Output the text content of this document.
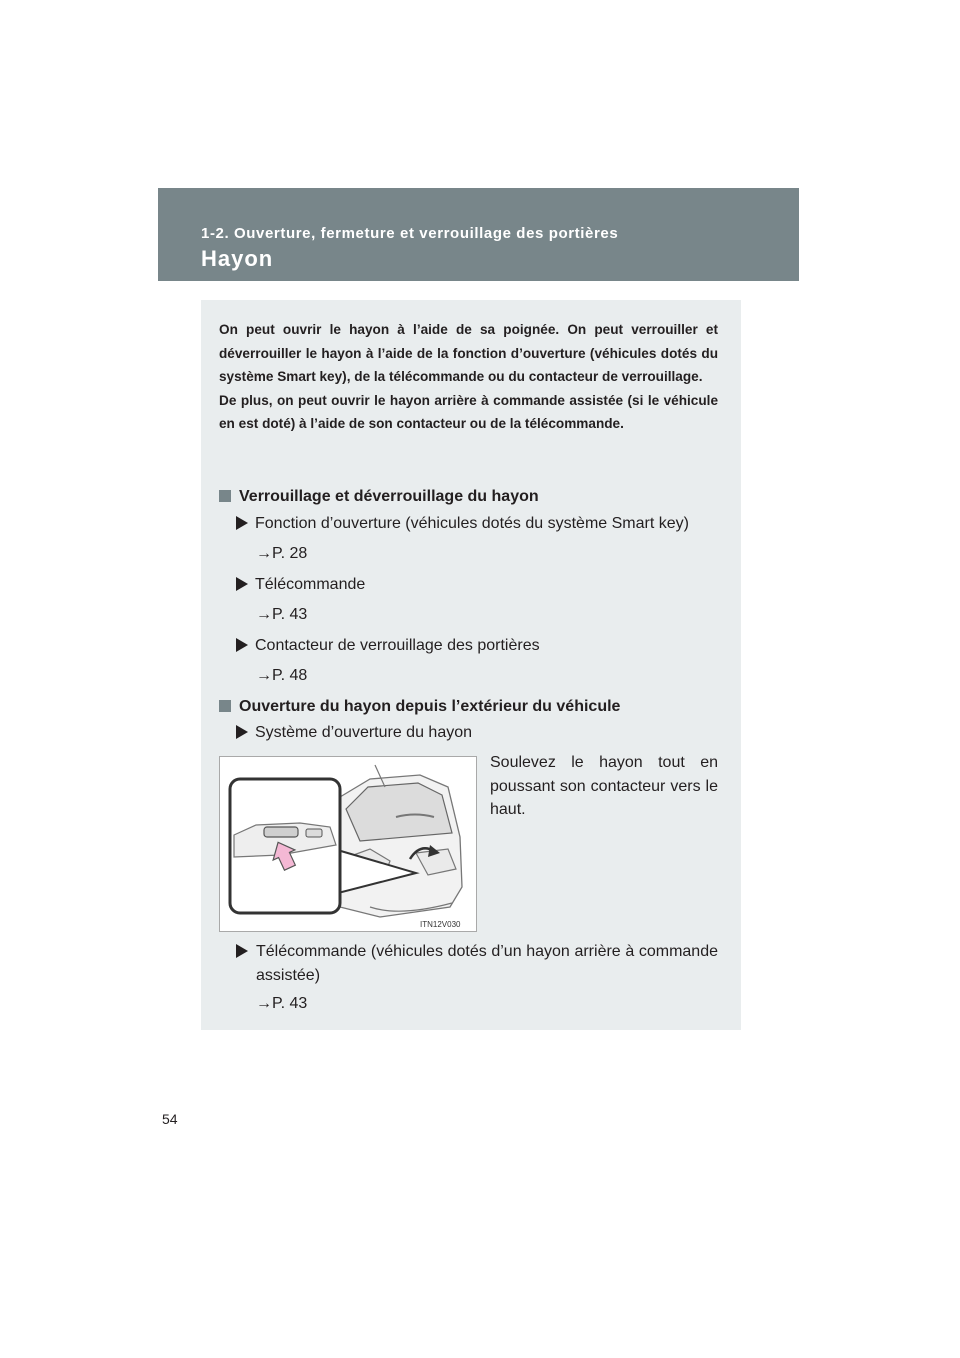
1-2. Ouverture, fermeture et verrouillage des portières
Hayon

On peut ouvrir le hayon à l’aide de sa poignée. On peut verrouiller et déverrouiller le hayon à l’aide de la fonction d’ouverture (véhicules dotés du système Smart key), de la télécommande ou du contacteur de verrouillage.

De plus, on peut ouvrir le hayon arrière à commande assistée (si le véhicule en est doté) à l’aide de son contacteur ou de la télécommande.

Verrouillage et déverrouillage du hayon
Fonction d’ouverture (véhicules dotés du système Smart key)
→P. 28
Télécommande
→P. 43
Contacteur de verrouillage des portières
→P. 48
Ouverture du hayon depuis l’extérieur du véhicule
Système d’ouverture du hayon
Soulevez le hayon tout en poussant son contacteur vers le haut.
ITN12V030
Télécommande (véhicules dotés d’un hayon arrière à commande assistée)
→P. 43
54
